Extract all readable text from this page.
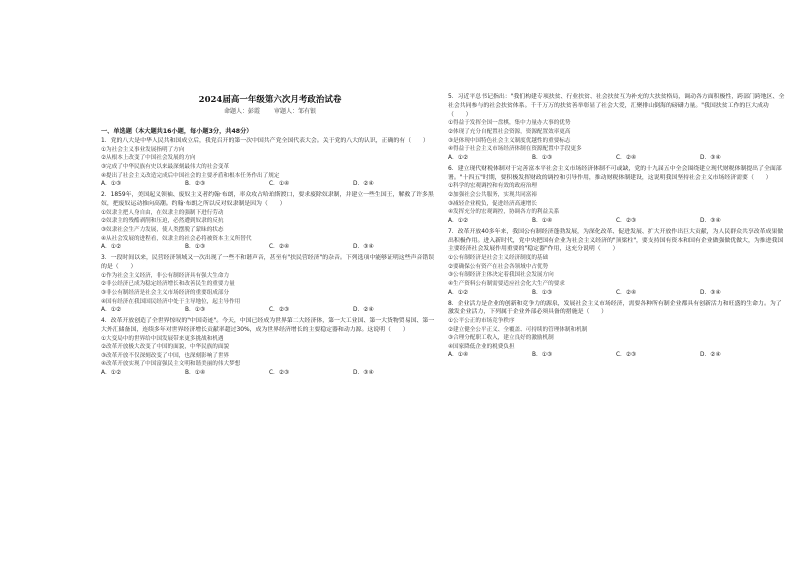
2024届高一年级第六次月考政治试卷
命题人：彭霞 审题人：邹有银
一、单选题（本大题共16小题，每小题3分，共48分）

1．党的八大是中华人民共和国成立后，我党召开的第一次中国共产党全国代表大会。关于党的八大的认识，正确的有（　　）

①为社会主义事业发展指明了方向

②从根本上改变了中国社会发展的方向

③完成了中华民族有史以来最深刻最伟大的社会变革

④提出了社会主义改造完成后中国社会的主要矛盾和根本任务作出了规定

A．①③	B．②③	C．①④	D．②④

2．1859年，美国起义领袖、废奴主义者约翰·布朗，率众攻占哈珀斯渡口，要求废除奴隶制，并建立一些生国王，解救了许多黑奴，把废奴运动推向高潮。约翰·布朗之所以反对奴隶制是因为（　　）

①奴隶主把人身自由，在奴隶主的强制下进行劳动

②奴隶主的残酷剥削和压迫，必然遭到奴隶的反抗

③奴隶社会生产力发展，使人类摆脱了蒙昧的状态

④从社会发展的进程看，奴隶主的社会必将被资本主义所替代

A．①②	B．①③	C．②④	D．③④

3．一段时间以来，民营经济领域又一次出现了一些不和谐声音，甚至有"扶民营经济"的杂音。下列选项中能够证明这些声音错误的是（　　）

①作为社会主义经济，非公有制经济具有强大生命力

②非公经济已成为稳定经济增长和改善民生的重要力量

③非公有制经济是社会主义市场经济的重要组成部分

④国有经济在我国国民经济中处于主导地位，起主导作用

A．①②	B．①③	C．②③	D．②④

4．改革开放创造了全世界惊叹的"中国奇迹"。今天，中国已经成为世界第二大经济体，第一大工业国、第一大货物贸易国、第一大外汇储备国，连续多年对世界经济增长贡献率超过30%，成为世界经济增长的主要稳定器和动力源。这说明（　　）

①大变局中的世界给中国发展带来更多挑战和机遇

②改革开放极大改变了中国的面貌，中华民族的面貌

③改革开放不仅深刻改变了中国，也深刻影响了世界

④改革开放实现了中国富强民主文明和谐美丽的伟大梦想

A．①②	B．①④	C．②③	D．③④

5．习近平总书记指出："我们构建专项扶贫、行业扶贫、社会扶贫互为补充的大扶贫格局，调动各方面积极性，跨部门跨地区、全社会共同参与的社会扶贫体系。千千万万的扶贫善举彰显了社会大爱，汇聚排山倒海的磅礴力量。"我国扶贫工作的巨大成功（　　）

①得益于发挥全国一盘棋，集中力量办大事的优势

②体现了充分自配置社会资源，资源配置效率更高

③是体现中国特色社会主义制度优越性的重要标志

④得益于社会主义市场经济体制在资源配置中手段更多

A．①②	B．①③	C．②④	D．③④

6．建立现代财税体制对于完善富本平社会主义市场经济体制不可或缺，党的十九届五中全会围绕建立现代财税体制提出了全面部署。"十四五"时期，要积极发挥财政的调控和引导作用，推动财税体制建设，这说明我国坚持社会主义市场经济需要（　　）

①科学的宏观调控和有效的政府治理

②加强社会公共服务，实现共同富裕

③减轻企业税负，促进经济高速增长

④发挥充分的宏观调控，协调各方的利益关系

A．①②	B．①④	C．②③	D．③④

7．改革开放40多年来，我国公有制经济蓬勃发展，为深化改革、促进发展、扩大开放作出巨大贡献，为人民群众共享改革成果做出积极作用。进入新时代，党中央把国有企业为社会主义经济的"顶梁柱"，要支持国有资本和国有企业做强做优做大，为推进我国主要经济社会发展作用重要的"稳定器"作用，这充分说明（　　）

①公有制经济是社会主义经济制度的基础

②要确保公有资产在社会各领域中占优势

③公有制经济主体决定着我国社会发展方向

④生产资料公有制需要适应社会化大生产的要求

A．①②	B．①③	C．②④	D．③④

8．企业活力是企业的创新和竞争力的源泉，发展社会主义市场经济，需要各种所有制企业都具有创新活力和旺盛的生命力。为了激发企业活力，下列属于企业外部必须具备的措施是（　　）

①公平公正的市场竞争秩序

②建立健全公平正义、全覆盖、可持续的管理体制和机制

③合理分配职工收入，建立良好的激励机制

④国家降低企业的税费负担

A．①④	B．①③	C．②③	D．②④
